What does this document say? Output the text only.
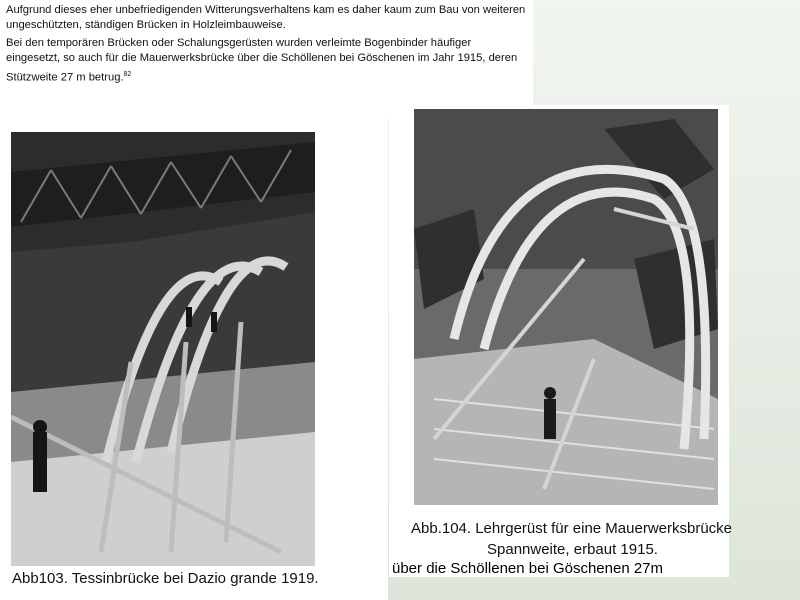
Aufgrund dieses eher unbefriedigenden Witterungsverhaltens kam es daher kaum zum Bau von weiteren ungeschützten, ständigen Brücken in Holzleimbauweise.

Bei den temporären Brücken oder Schalungsgerüsten wurden verleimte Bogenbinder häufiger eingesetzt, so auch für die Mauerwerksbrücke über die Schöllenen bei Göschenen im Jahr 1915, deren Stützweite 27 m betrug.$^{82}$

Abb103. Tessinbrücke bei Dazio grande 1919.
Abb.104. Lehrgerüst für eine Mauerwerksbrücke
Spannweite, erbaut 1915.
über die Schöllenen bei Göschenen 27m
